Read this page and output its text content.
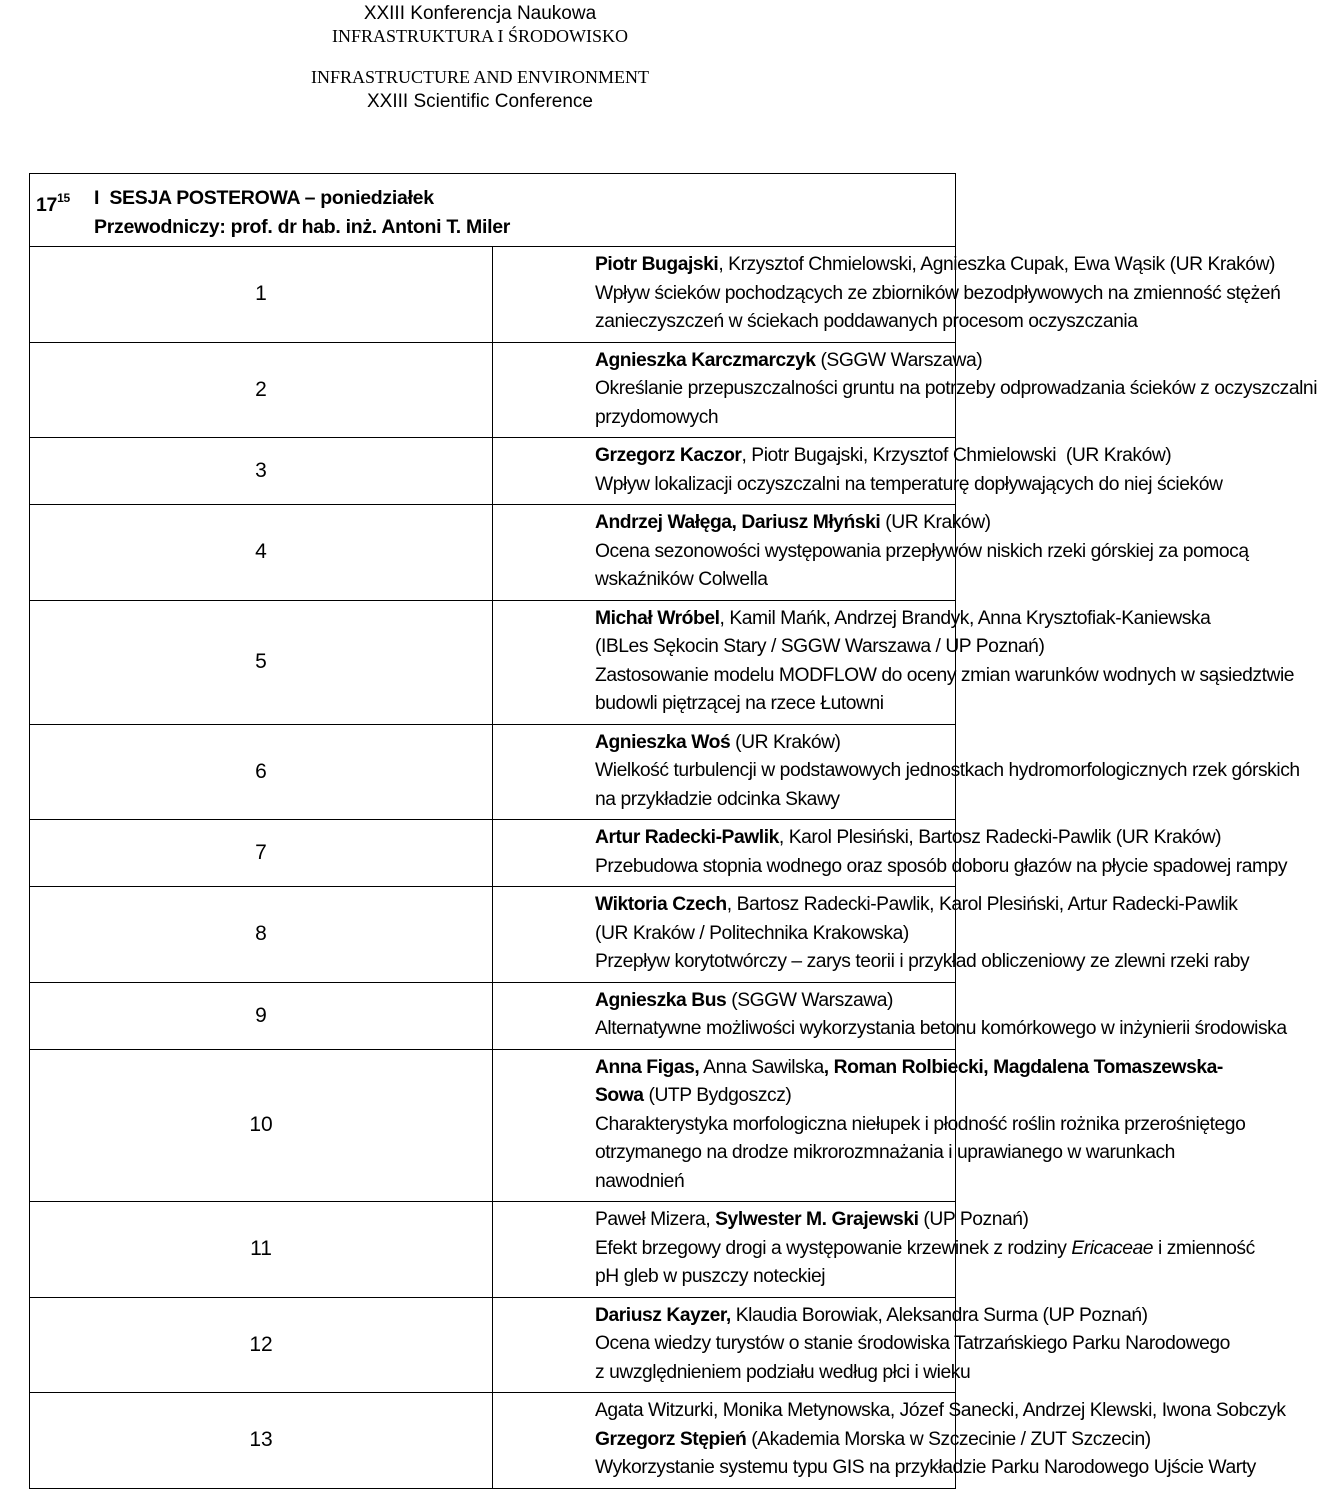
XXIII Konferencja Naukowa
INFRASTRUKTURA I ŚRODOWISKO
INFRASTRUCTURE AND ENVIRONMENT
XXIII Scientific Conference
$17^{15}$ I  SESJA POSTEROWA – poniedziałek
Przewodniczy: prof. dr hab. inż. Antoni T. Miler	

1	Piotr Bugajski, Krzysztof Chmielowski, Agnieszka Cupak, Ewa Wąsik (UR Kraków)
Wpływ ścieków pochodzących ze zbiorników bezodpływowych na zmienność stężeń
zanieczyszczeń w ściekach poddawanych procesom oczyszczania

2	Agnieszka Karczmarczyk (SGGW Warszawa)
Określanie przepuszczalności gruntu na potrzeby odprowadzania ścieków z oczyszczalni
przydomowych

3	Grzegorz Kaczor, Piotr Bugajski, Krzysztof Chmielowski  (UR Kraków)
Wpływ lokalizacji oczyszczalni na temperaturę dopływających do niej ścieków

4	Andrzej Wałęga, Dariusz Młyński (UR Kraków)
Ocena sezonowości występowania przepływów niskich rzeki górskiej za pomocą
wskaźników Colwella

5	Michał Wróbel, Kamil Mańk, Andrzej Brandyk, Anna Krysztofiak-Kaniewska
(IBLes Sękocin Stary / SGGW Warszawa / UP Poznań)
Zastosowanie modelu MODFLOW do oceny zmian warunków wodnych w sąsiedztwie
budowli piętrzącej na rzece Łutowni

6	Agnieszka Woś (UR Kraków)
Wielkość turbulencji w podstawowych jednostkach hydromorfologicznych rzek górskich
na przykładzie odcinka Skawy

7	Artur Radecki-Pawlik, Karol Plesiński, Bartosz Radecki-Pawlik (UR Kraków)
Przebudowa stopnia wodnego oraz sposób doboru głazów na płycie spadowej rampy

8	Wiktoria Czech, Bartosz Radecki-Pawlik, Karol Plesiński, Artur Radecki-Pawlik
(UR Kraków / Politechnika Krakowska)
Przepływ korytotwórczy – zarys teorii i przykład obliczeniowy ze zlewni rzeki raby

9	Agnieszka Bus (SGGW Warszawa)
Alternatywne możliwości wykorzystania betonu komórkowego w inżynierii środowiska

10	Anna Figas, Anna Sawilska, Roman Rolbiecki, Magdalena Tomaszewska-
Sowa (UTP Bydgoszcz)
Charakterystyka morfologiczna niełupek i płodność roślin rożnika przerośniętego
otrzymanego na drodze mikrorozmnażania i uprawianego w warunkach
nawodnień

11	Paweł Mizera, Sylwester M. Grajewski (UP Poznań)
Efekt brzegowy drogi a występowanie krzewinek z rodziny Ericaceae i zmienność
pH gleb w puszczy noteckiej

12	Dariusz Kayzer, Klaudia Borowiak, Aleksandra Surma (UP Poznań)
Ocena wiedzy turystów o stanie środowiska Tatrzańskiego Parku Narodowego
z uwzględnieniem podziału według płci i wieku

13	Agata Witzurki, Monika Metynowska, Józef Sanecki, Andrzej Klewski, Iwona Sobczyk
Grzegorz Stępień (Akademia Morska w Szczecinie / ZUT Szczecin)
Wykorzystanie systemu typu GIS na przykładzie Parku Narodowego Ujście Warty
